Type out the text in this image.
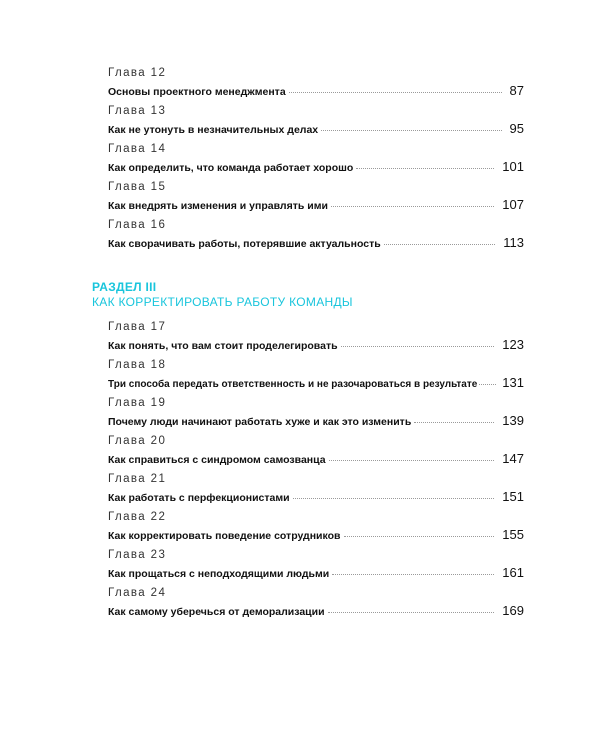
Глава 12
Основы проектного менеджмента	87
Глава 13
Как не утонуть в незначительных делах	95
Глава 14
Как определить, что команда работает хорошо	101
Глава 15
Как внедрять изменения и управлять ими	107
Глава 16
Как сворачивать работы, потерявшие актуальность	113
РАЗДЕЛ III
КАК КОРРЕКТИРОВАТЬ РАБОТУ КОМАНДЫ
Глава 17
Как понять, что вам стоит проделегировать	123
Глава 18
Три способа передать ответственность и не разочароваться в результате 131
Глава 19
Почему люди начинают работать хуже и как это изменить	139
Глава 20
Как справиться с синдромом самозванца	147
Глава 21
Как работать с перфекционистами	151
Глава 22
Как корректировать поведение сотрудников	155
Глава 23
Как прощаться с неподходящими людьми	161
Глава 24
Как самому уберечься от деморализации	169
